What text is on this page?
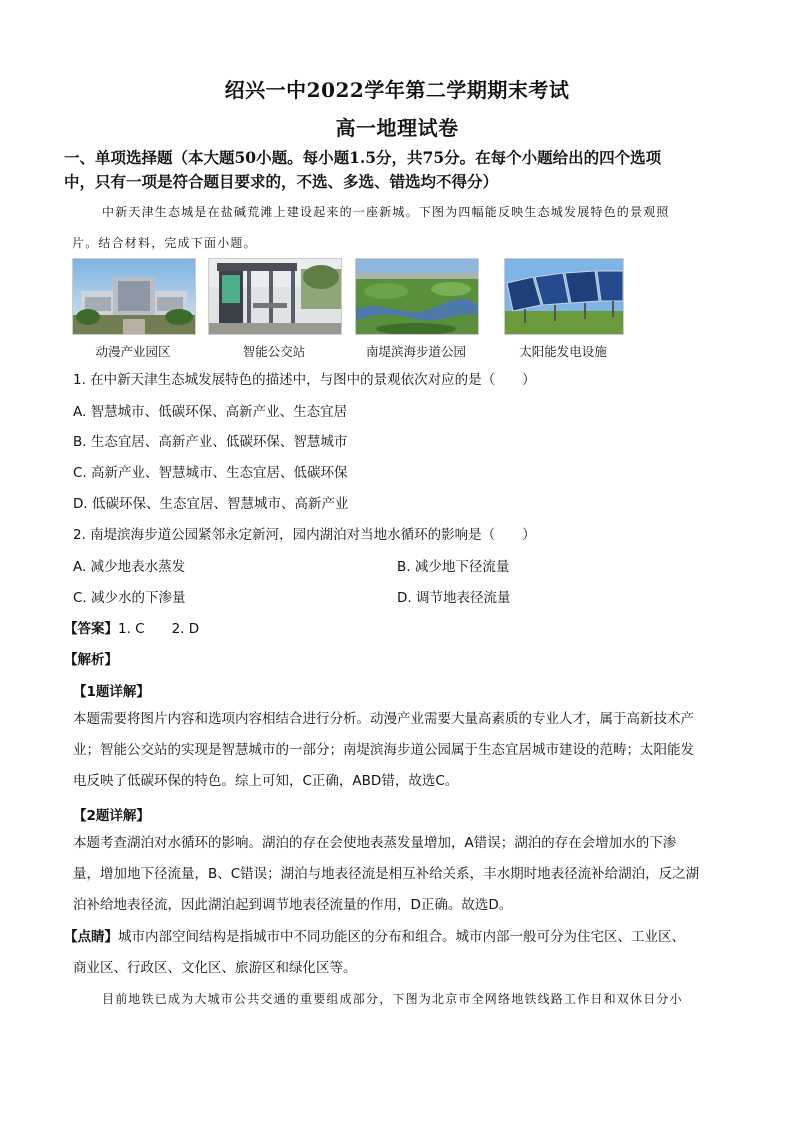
绍兴一中2022学年第二学期期末考试
高一地理试卷
一、单项选择题（本大题50小题。每小题1.5分，共75分。在每个小题给出的四个选项
中，只有一项是符合题目要求的，不选、多选、错选均不得分）
中新天津生态城是在盐碱荒滩上建设起来的一座新城。下图为四幅能反映生态城发展特色的景观照
片。结合材料，完成下面小题。
动漫产业园区	智能公交站	南堤滨海步道公园	太阳能发电设施
1. 在中新天津生态城发展特色的描述中，与图中的景观依次对应的是（　　）
A. 智慧城市、低碳环保、高新产业、生态宜居
B. 生态宜居、高新产业、低碳环保、智慧城市
C. 高新产业、智慧城市、生态宜居、低碳环保
D. 低碳环保、生态宜居、智慧城市、高新产业
2. 南堤滨海步道公园紧邻永定新河，园内湖泊对当地水循环的影响是（　　）
A. 减少地表水蒸发	B. 减少地下径流量
C. 减少水的下渗量	D. 调节地表径流量
【答案】1. C　　2. D
【解析】
【1题详解】
本题需要将图片内容和选项内容相结合进行分析。动漫产业需要大量高素质的专业人才，属于高新技术产
业；智能公交站的实现是智慧城市的一部分；南堤滨海步道公园属于生态宜居城市建设的范畴；太阳能发
电反映了低碳环保的特色。综上可知，C正确，ABD错，故选C。
【2题详解】
本题考查湖泊对水循环的影响。湖泊的存在会使地表蒸发量增加，A错误；湖泊的存在会增加水的下渗
量，增加地下径流量，B、C错误；湖泊与地表径流是相互补给关系，丰水期时地表径流补给湖泊，反之湖
泊补给地表径流，因此湖泊起到调节地表径流量的作用，D正确。故选D。
【点睛】城市内部空间结构是指城市中不同功能区的分布和组合。城市内部一般可分为住宅区、工业区、
商业区、行政区、文化区、旅游区和绿化区等。
目前地铁已成为大城市公共交通的重要组成部分，下图为北京市全网络地铁线路工作日和双休日分小
